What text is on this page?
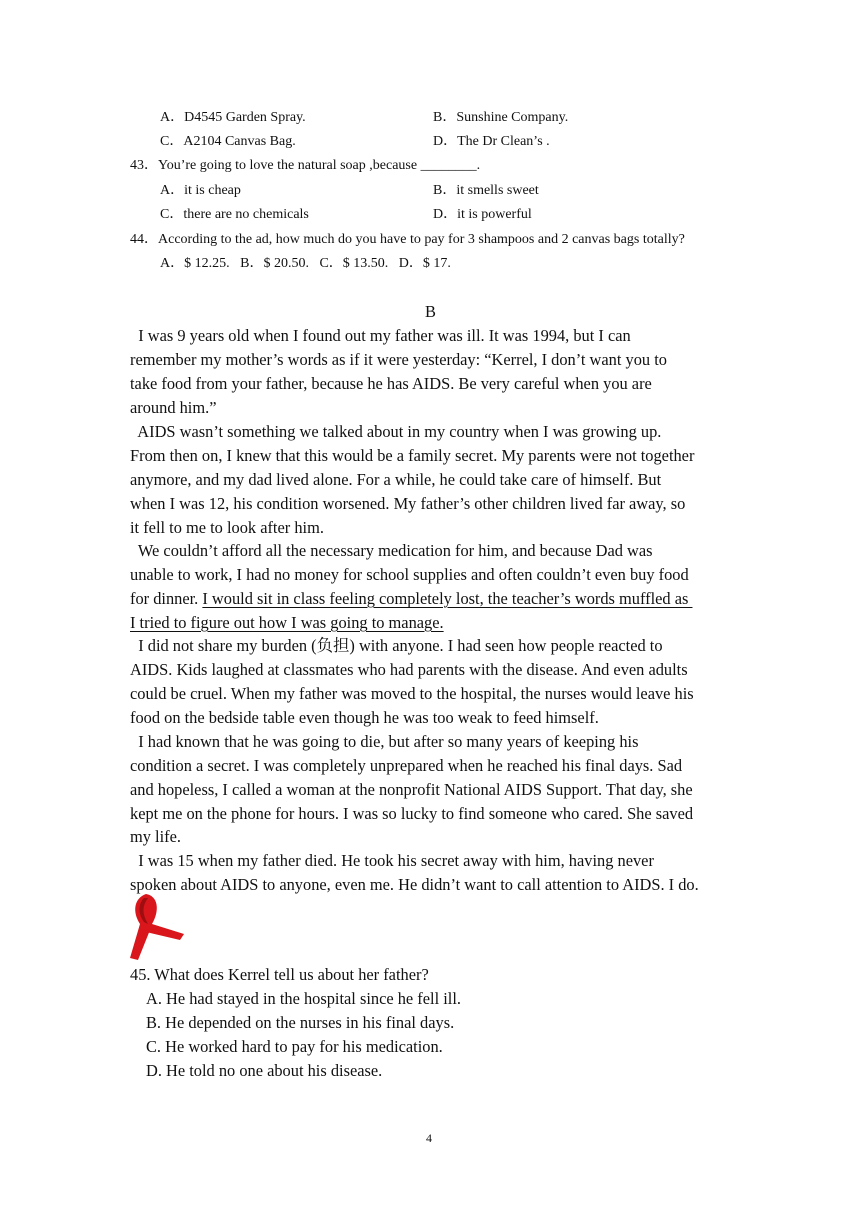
A．D4545 Garden Spray.	B．Sunshine Company.
C．A2104 Canvas Bag.	D．The Dr Clean’s .
43．You’re going to love the natural soap ,because ________.
A．it is cheap	B．it smells sweet
C．there are no chemicals	D．it is powerful
44．According to the ad, how much do you have to pay for 3 shampoos and 2 canvas bags totally?
A．$ 12.25.   B．$ 20.50.   C．$ 13.50.   D．$ 17.
B
I was 9 years old when I found out my father was ill. It was 1994, but I can
remember my mother’s words as if it were yesterday: “Kerrel, I don’t want you to
take food from your father, because he has AIDS. Be very careful when you are
around him.”
AIDS wasn’t something we talked about in my country when I was growing up.
From then on, I knew that this would be a family secret. My parents were not together
anymore, and my dad lived alone. For a while, he could take care of himself. But
when I was 12, his condition worsened. My father’s other children lived far away, so
it fell to me to look after him.
We couldn’t afford all the necessary medication for him, and because Dad was
unable to work, I had no money for school supplies and often couldn’t even buy food
for dinner. I would sit in class feeling completely lost, the teacher’s words muffled as
I tried to figure out how I was going to manage.
I did not share my burden (负担) with anyone. I had seen how people reacted to
AIDS. Kids laughed at classmates who had parents with the disease. And even adults
could be cruel. When my father was moved to the hospital, the nurses would leave his
food on the bedside table even though he was too weak to feed himself.
I had known that he was going to die, but after so many years of keeping his
condition a secret. I was completely unprepared when he reached his final days. Sad
and hopeless, I called a woman at the nonprofit National AIDS Support. That day, she
kept me on the phone for hours. I was so lucky to find someone who cared. She saved
my life.
I was 15 when my father died. He took his secret away with him, having never
spoken about AIDS to anyone, even me. He didn’t want to call attention to AIDS. I do.
45. What does Kerrel tell us about her father?
A. He had stayed in the hospital since he fell ill.
B. He depended on the nurses in his final days.
C. He worked hard to pay for his medication.
D. He told no one about his disease.
4
